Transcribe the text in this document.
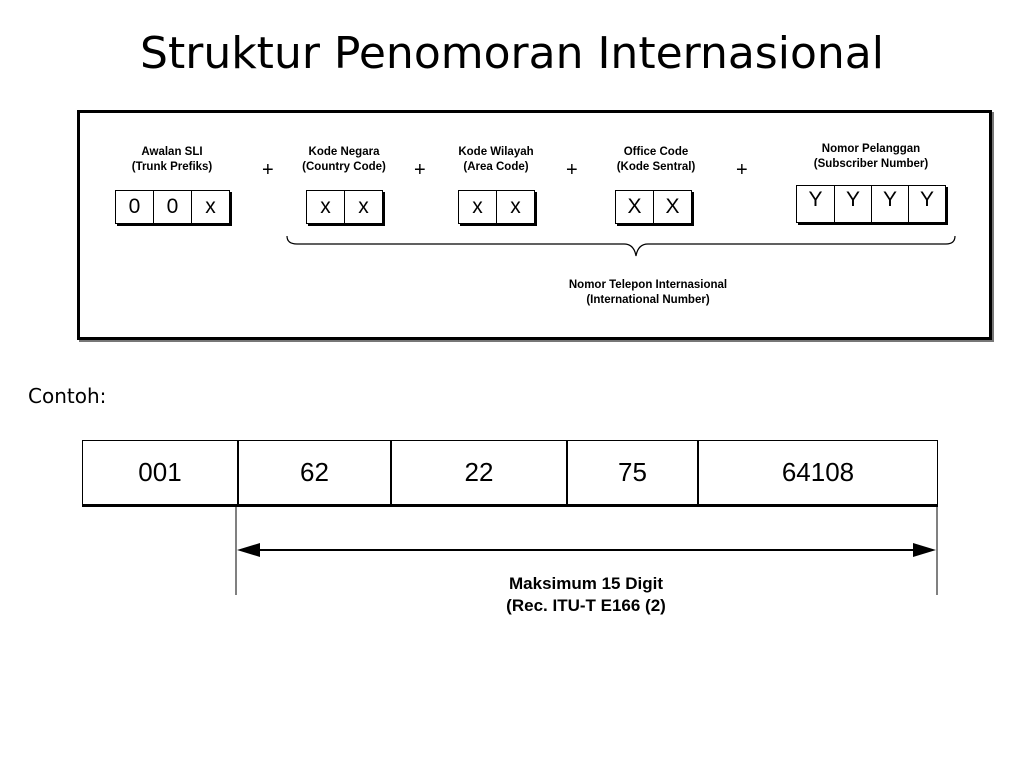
Struktur Penomoran Internasional
Awalan SLI
(Trunk Prefiks)
0	0	x
+
Kode Negara
(Country Code)
x	x
+
Kode Wilayah
(Area Code)
x	x
+
Office Code
(Kode Sentral)
X	X
+
Nomor Pelanggan
(Subscriber Number)
Y	Y	Y	Y
Nomor Telepon Internasional
(International Number)
Contoh:
001	62	22	75	64108
Maksimum 15 Digit
(Rec. ITU-T E166 (2)
